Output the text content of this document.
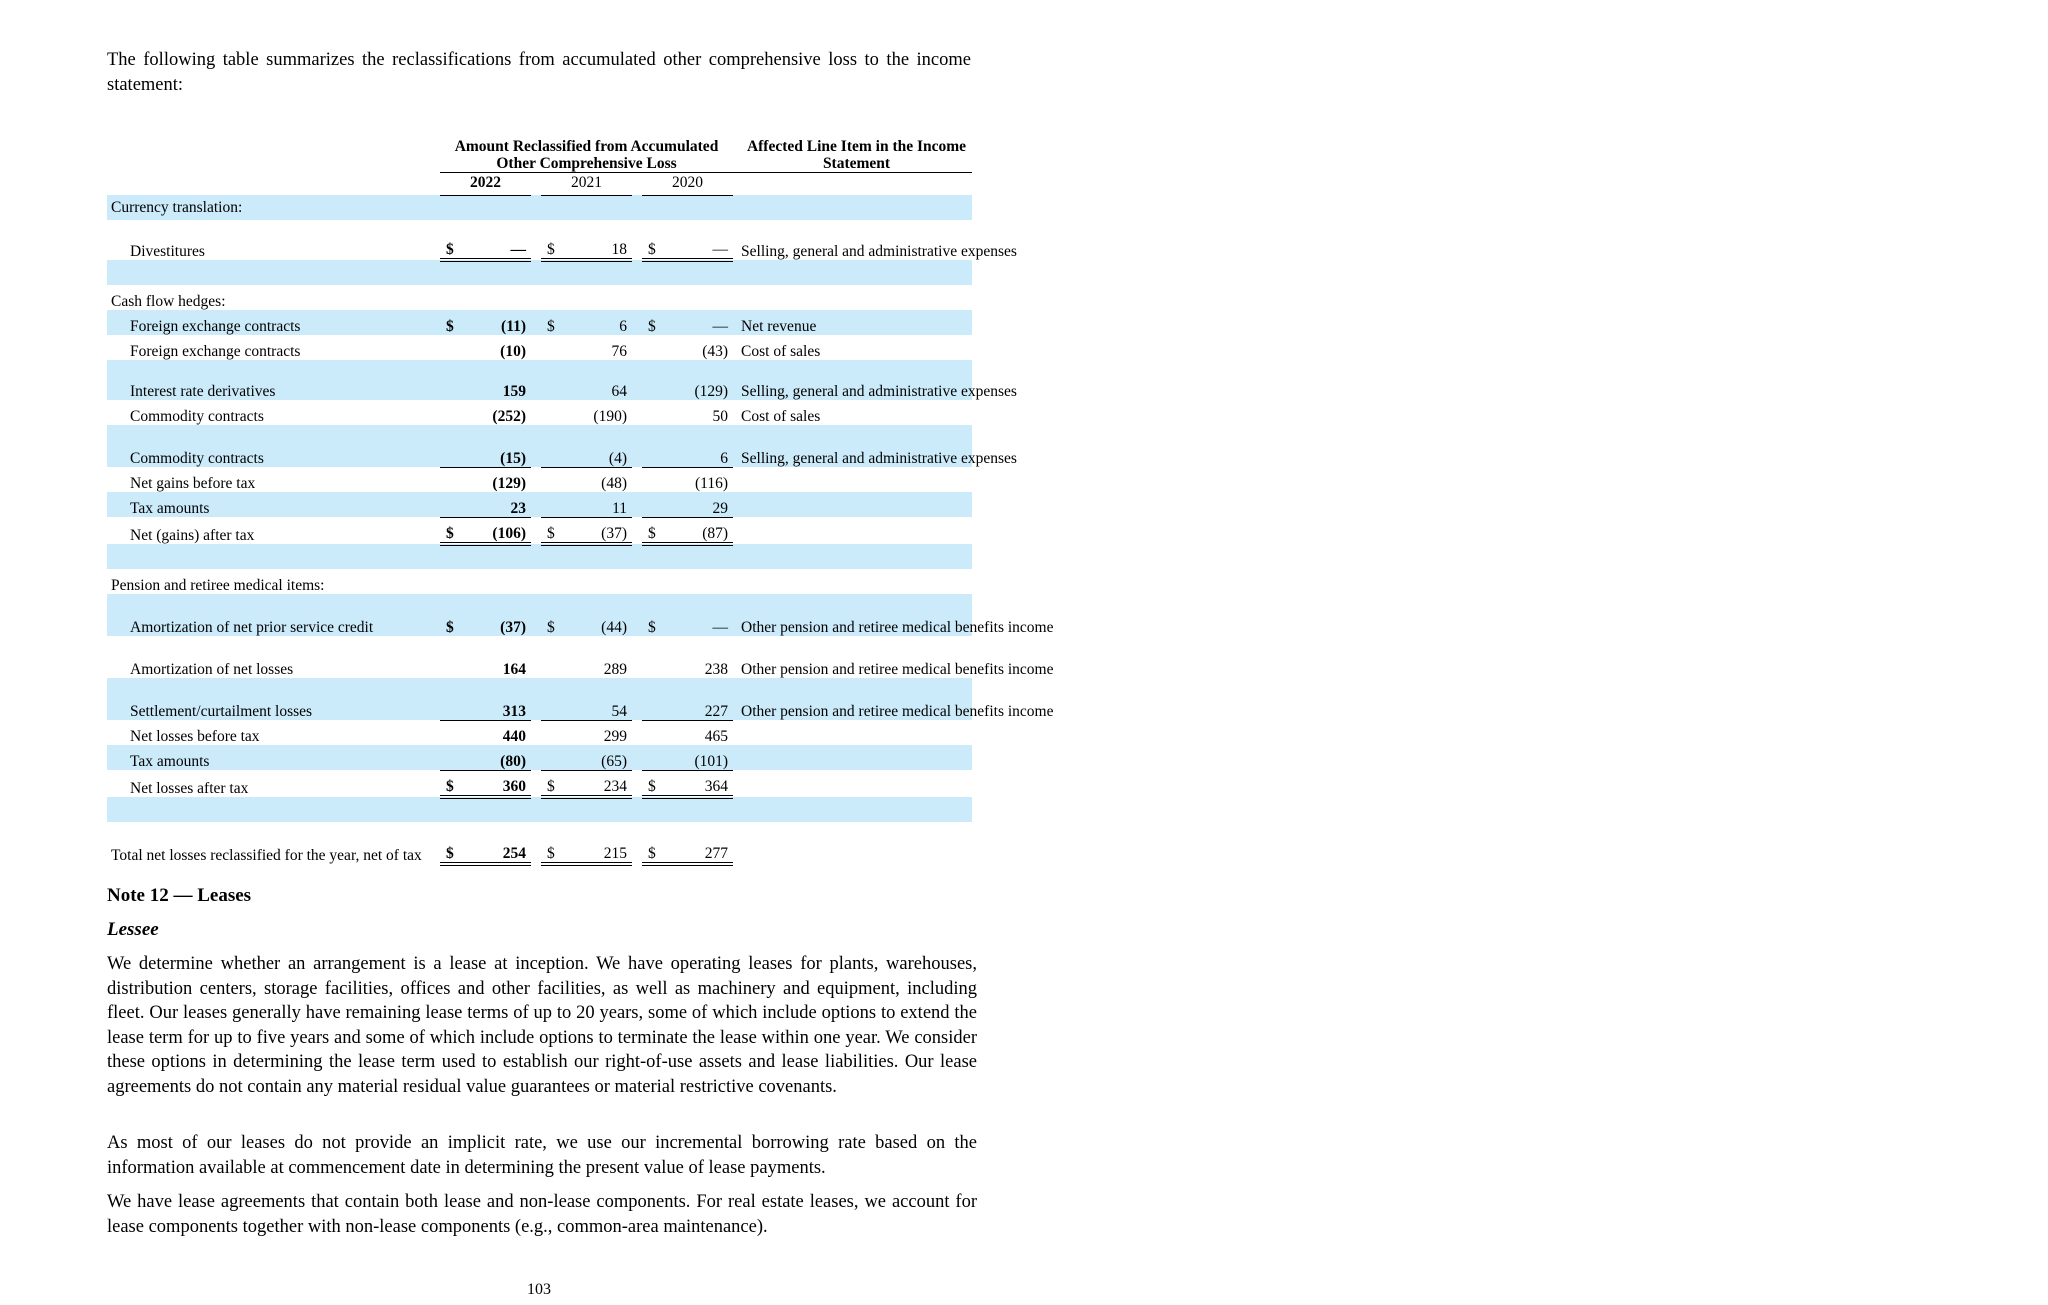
The following table summarizes the reclassifications from accumulated other comprehensive loss to the income statement:
	Amount Reclassified from Accumulated Other Comprehensive Loss								Affected Line Item in the Income Statement
	2022			2021			2020		
Currency translation:									
Divestitures	$	—		$	18		$	—	Selling, general and administrative expenses

Cash flow hedges:									
Foreign exchange contracts	$	(11)		$	6		$	—	Net revenue
Foreign exchange contracts		(10)			76			(43)	Cost of sales
Interest rate derivatives		159			64			(129)	Selling, general and administrative expenses

Commodity contracts		(252)			(190)			50	Cost of sales
Commodity contracts		(15)			(4)			6	Selling, general and administrative expenses

Net gains before tax		(129)			(48)			(116)	
Tax amounts		23			11			29	
Net (gains) after tax	$	(106)		$	(37)		$	(87)	

Pension and retiree medical items:									
Amortization of net prior service credit	$	(37)		$	(44)		$	—	Other pension and retiree medical benefits income

Amortization of net losses		164			289			238	Other pension and retiree medical benefits income

Settlement/curtailment losses		313			54			227	Other pension and retiree medical benefits income

Net losses before tax		440			299			465	
Tax amounts		(80)			(65)			(101)	
Net losses after tax	$	360		$	234		$	364	

Total net losses reclassified for the year, net of tax	$	254		$	215		$	277	
Note 12 — Leases
Lessee
We determine whether an arrangement is a lease at inception. We have operating leases for plants, warehouses, distribution centers, storage facilities, offices and other facilities, as well as machinery and equipment, including fleet. Our leases generally have remaining lease terms of up to 20 years, some of which include options to extend the lease term for up to five years and some of which include options to terminate the lease within one year. We consider these options in determining the lease term used to establish our right-of-use assets and lease liabilities. Our lease agreements do not contain any material residual value guarantees or material restrictive covenants.
As most of our leases do not provide an implicit rate, we use our incremental borrowing rate based on the information available at commencement date in determining the present value of lease payments.
We have lease agreements that contain both lease and non-lease components. For real estate leases, we account for lease components together with non-lease components (e.g., common-area maintenance).
103
